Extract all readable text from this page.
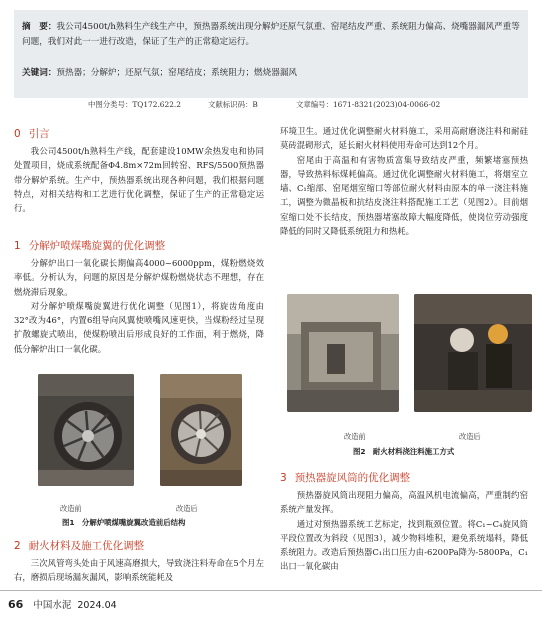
摘　要：我公司4500t/h熟料生产线生产中，预热器系统出现分解炉还原气氛重、窑尾结皮严重、系统阻力偏高、烧嘴器漏风严重等问题，我们对此一一进行改造，保证了生产的正常稳定运行。
关键词：预热器；分解炉；还原气氛；窑尾结皮；系统阻力；燃烧器漏风
中图分类号：TQ172.622.2	文献标识码：B	文章编号：1671-8321(2023)04-0066-02
0 引言

我公司4500t/h熟料生产线，配套建设10MW余热发电和协同处置项目，烧成系统配备Φ4.8m×72m回转窑、RFS/5500预热器带分解炉系统。生产中，预热器系统出现各种问题，我们根据问题特点，对相关结构和工艺进行优化调整，保证了生产的正常稳定运行。

1 分解炉喷煤嘴旋翼的优化调整

分解炉出口一氧化碳长期偏高4000~6000ppm，煤粉燃烧效率低。分析认为，问题的原因是分解炉煤粉燃烧状态不理想，存在燃烧滞后现象。

对分解炉喷煤嘴旋翼进行优化调整（见图1），将旋齿角度由32°改为46°，内置6组导向风翼使喷嘴风速更快，当煤粉经过呈现扩散螺旋式喷出，使煤粉喷出后形成良好的工作面，利于燃烧，降低分解炉出口一氧化碳。

改造前	改造后
图1　分解炉喷煤嘴旋翼改造前后结构
2 耐火材料及施工优化调整

三次风管弯头处由于风速高磨损大，导致浇注料寿命在5个月左右，磨损后现场漏灰漏风，影响系统能耗及

环境卫生。通过优化调整耐火材料施工，采用高耐磨浇注料和耐硅莫砖混砌形式，延长耐火材料使用寿命可达到12个月。

窑尾由于高温和有害物质富集导致结皮严重，频繁堵塞预热器，导致热料标煤耗偏高。通过优化调整耐火材料施工，将烟室立墙、C₁缩部、窑尾烟室缩口等部位耐火材料由原本的单一浇注料施工，调整为微晶板和抗结皮浇注料搭配施工工艺（见图2）。目前烟室缩口处不长结皮，预热器堵塞故障大幅度降低，使岗位劳动强度降低的同时又降低系统阻力和热耗。

改造前	改造后
图2　耐火材料浇注料施工方式
3 预热器旋风筒的优化调整

预热器旋风筒出现阻力偏高，高温风机电流偏高，严重制约窑系统产量发挥。

通过对预热器系统工艺标定，找到瓶颈位置。将C₁~C₄旋风筒平段位置改为斜段（见图3），减少物料堆积，避免系统塌料，降低系统阻力。改造后预热器C₁出口压力由-6200Pa降为-5800Pa，C₁出口一氧化碳由

66 中国水泥 2024.04
